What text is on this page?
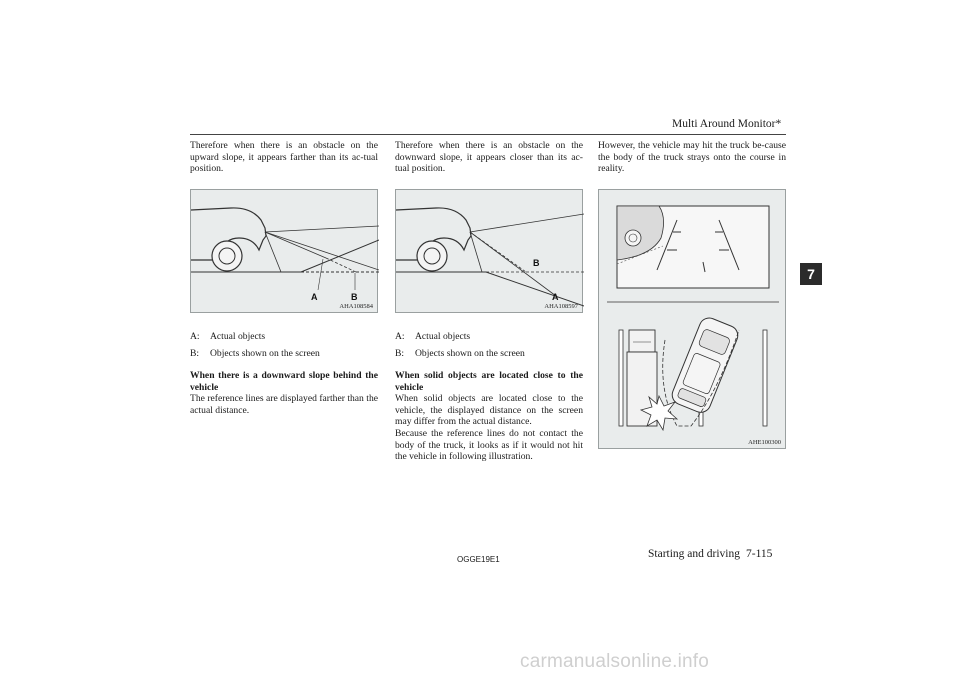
Multi Around Monitor*
7

Therefore when there is an obstacle on the upward slope, it appears farther than its ac-tual position.

A	B
AHA108584
A:	Actual objects
B:	Objects shown on the screen

When there is a downward slope behind the vehicle

The reference lines are displayed farther than the actual distance.

Therefore when there is an obstacle on the downward slope, it appears closer than its ac-tual position.

B
A
AHA108597
A:	Actual objects
B:	Objects shown on the screen

When solid objects are located close to the vehicle

When solid objects are located close to the vehicle, the displayed distance on the screen may differ from the actual distance.

Because the reference lines do not contact the body of the truck, it looks as if it would not hit the vehicle in following illustration.

However, the vehicle may hit the truck be-cause the body of the truck strays onto the course in reality.

AHE100300
OGGE19E1	Starting and driving 7-115
carmanualsonline.info
